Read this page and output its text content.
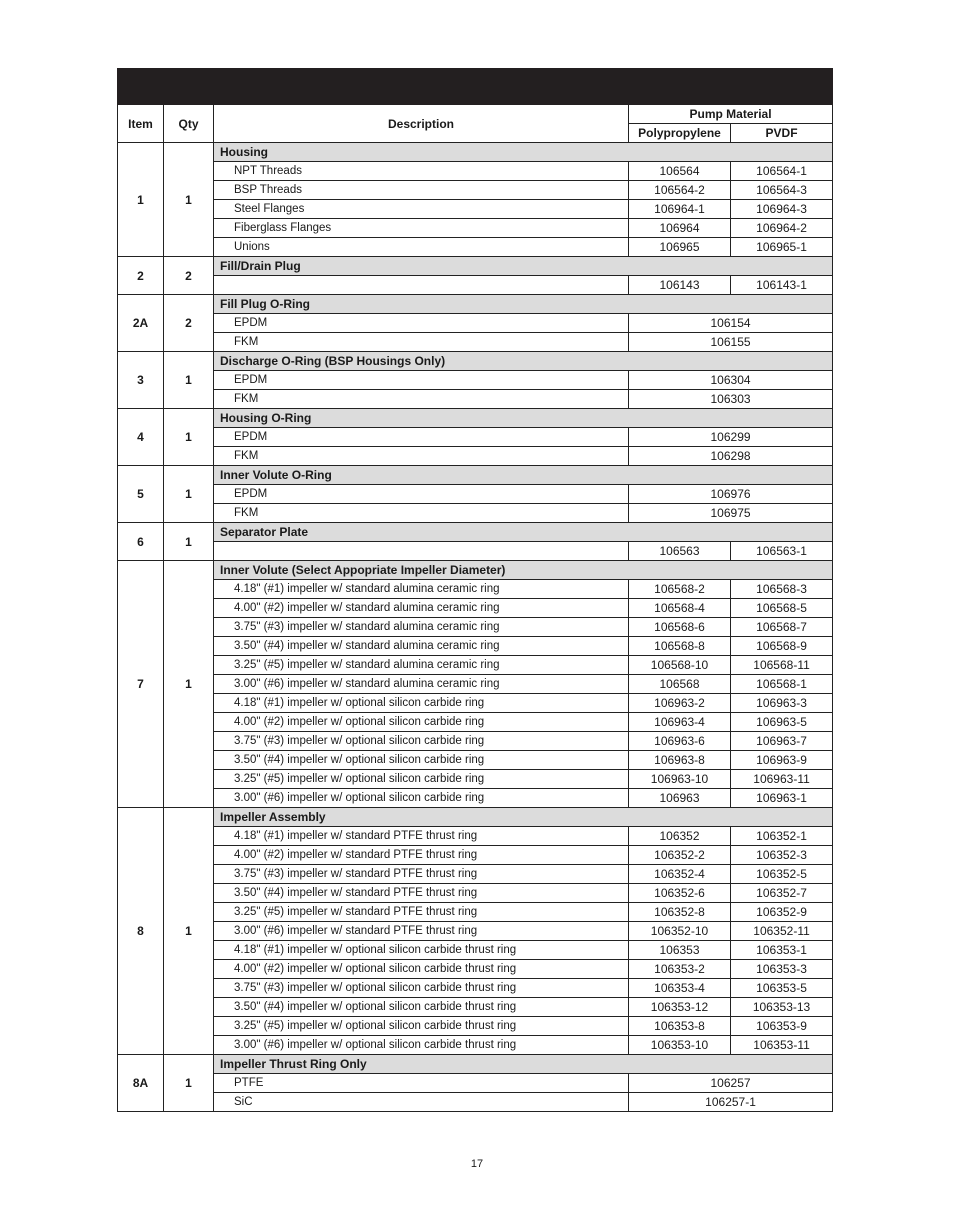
Item	Qty	Description	Pump Material	
			Polypropylene	PVDF
1	1	Housing		
		NPT Threads	106564	106564-1
		BSP Threads	106564-2	106564-3
		Steel Flanges	106964-1	106964-3
		Fiberglass Flanges	106964	106964-2
		Unions	106965	106965-1
2	2	Fill/Drain Plug		
			106143	106143-1
2A	2	Fill Plug O-Ring		
		EPDM	106154	
		FKM	106155	
3	1	Discharge O-Ring (BSP Housings Only)		
		EPDM	106304	
		FKM	106303	
4	1	Housing O-Ring		
		EPDM	106299	
		FKM	106298	
5	1	Inner Volute O-Ring		
		EPDM	106976	
		FKM	106975	
6	1	Separator Plate		
			106563	106563-1
7	1	Inner Volute (Select Appopriate Impeller Diameter)		
		4.18" (#1) impeller w/ standard alumina ceramic ring	106568-2	106568-3
		4.00" (#2) impeller w/ standard alumina ceramic ring	106568-4	106568-5
		3.75" (#3) impeller w/ standard alumina ceramic ring	106568-6	106568-7
		3.50" (#4) impeller w/ standard alumina ceramic ring	106568-8	106568-9
		3.25" (#5) impeller w/ standard alumina ceramic ring	106568-10	106568-11
		3.00" (#6) impeller w/ standard alumina ceramic ring	106568	106568-1
		4.18" (#1) impeller w/ optional silicon carbide ring	106963-2	106963-3
		4.00" (#2) impeller w/ optional silicon carbide ring	106963-4	106963-5
		3.75" (#3) impeller w/ optional silicon carbide ring	106963-6	106963-7
		3.50" (#4) impeller w/ optional silicon carbide ring	106963-8	106963-9
		3.25" (#5) impeller w/ optional silicon carbide ring	106963-10	106963-11
		3.00" (#6) impeller w/ optional silicon carbide ring	106963	106963-1
8	1	Impeller Assembly		
		4.18" (#1) impeller w/ standard PTFE thrust ring	106352	106352-1
		4.00" (#2) impeller w/ standard PTFE thrust ring	106352-2	106352-3
		3.75" (#3) impeller w/ standard PTFE thrust ring	106352-4	106352-5
		3.50" (#4) impeller w/ standard PTFE thrust ring	106352-6	106352-7
		3.25" (#5) impeller w/ standard PTFE thrust ring	106352-8	106352-9
		3.00" (#6) impeller w/ standard PTFE thrust ring	106352-10	106352-11
		4.18" (#1) impeller w/ optional silicon carbide thrust ring	106353	106353-1
		4.00" (#2) impeller w/ optional silicon carbide thrust ring	106353-2	106353-3
		3.75" (#3) impeller w/ optional silicon carbide thrust ring	106353-4	106353-5
		3.50" (#4) impeller w/ optional silicon carbide thrust ring	106353-12	106353-13
		3.25" (#5) impeller w/ optional silicon carbide thrust ring	106353-8	106353-9
		3.00" (#6) impeller w/ optional silicon carbide thrust ring	106353-10	106353-11
8A	1	Impeller Thrust Ring Only		
		PTFE	106257	
		SiC	106257-1	
17
